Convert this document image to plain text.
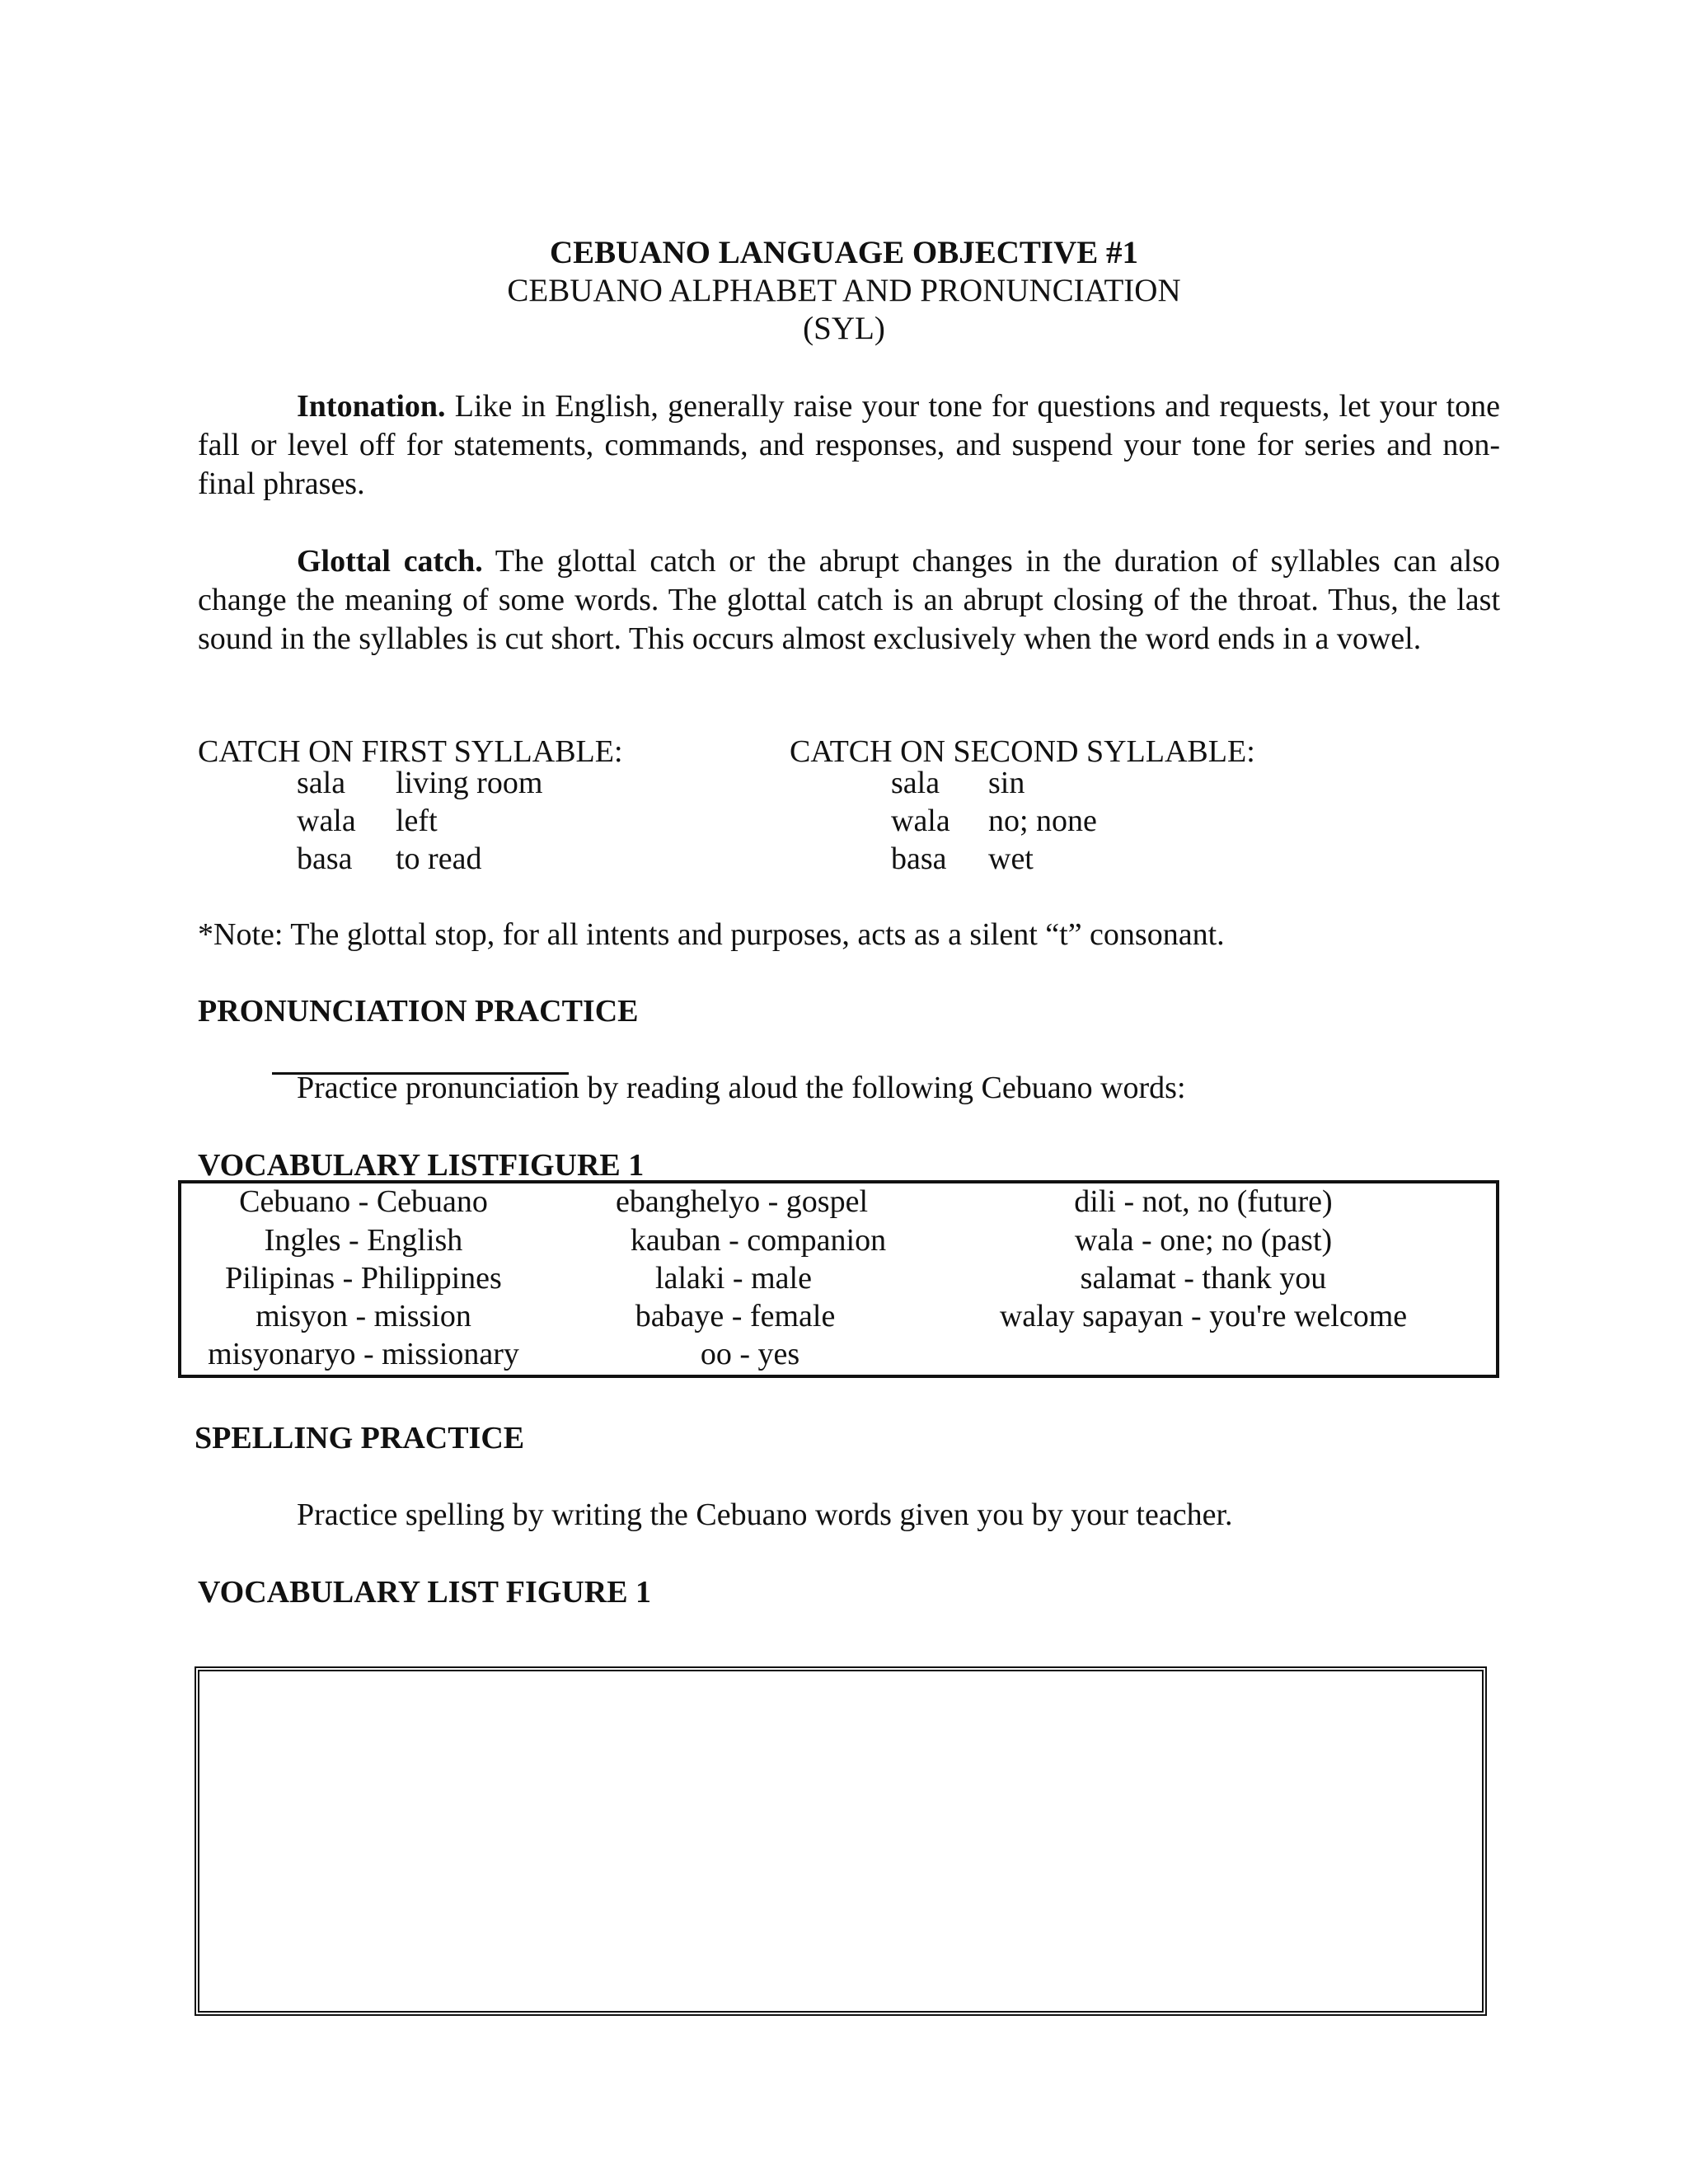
CEBUANO LANGUAGE OBJECTIVE #1
CEBUANO ALPHABET AND PRONUNCIATION
(SYL)
Intonation. Like in English, generally raise your tone for questions and requests, let your tone fall or level off for statements, commands, and responses, and suspend your tone for series and non-final phrases.
Glottal catch. The glottal catch or the abrupt changes in the duration of syllables can also change the meaning of some words. The glottal catch is an abrupt closing of the throat. Thus, the last sound in the syllables is cut short. This occurs almost exclusively when the word ends in a vowel.
CATCH ON FIRST SYLLABLE:	CATCH ON SECOND SYLLABLE:
sala living room
wala left
basa to read
sala sin
wala no; none
basa wet
*Note: The glottal stop, for all intents and purposes, acts as a silent “t” consonant.
PRONUNCIATION PRACTICE
Practice pronunciation by reading aloud the following Cebuano words:
VOCABULARY LISTFIGURE 1
Cebuano - Cebuano
Ingles - English
Pilipinas - Philippines
misyon - mission
misyonaryo - missionary
ebanghelyo - gospel
kauban - companion
lalaki - male
babaye - female
oo - yes
dili - not, no (future)
wala - one; no (past)
salamat - thank you
walay sapayan - you're welcome
SPELLING PRACTICE
Practice spelling by writing the Cebuano words given you by your teacher.
VOCABULARY LIST FIGURE 1
